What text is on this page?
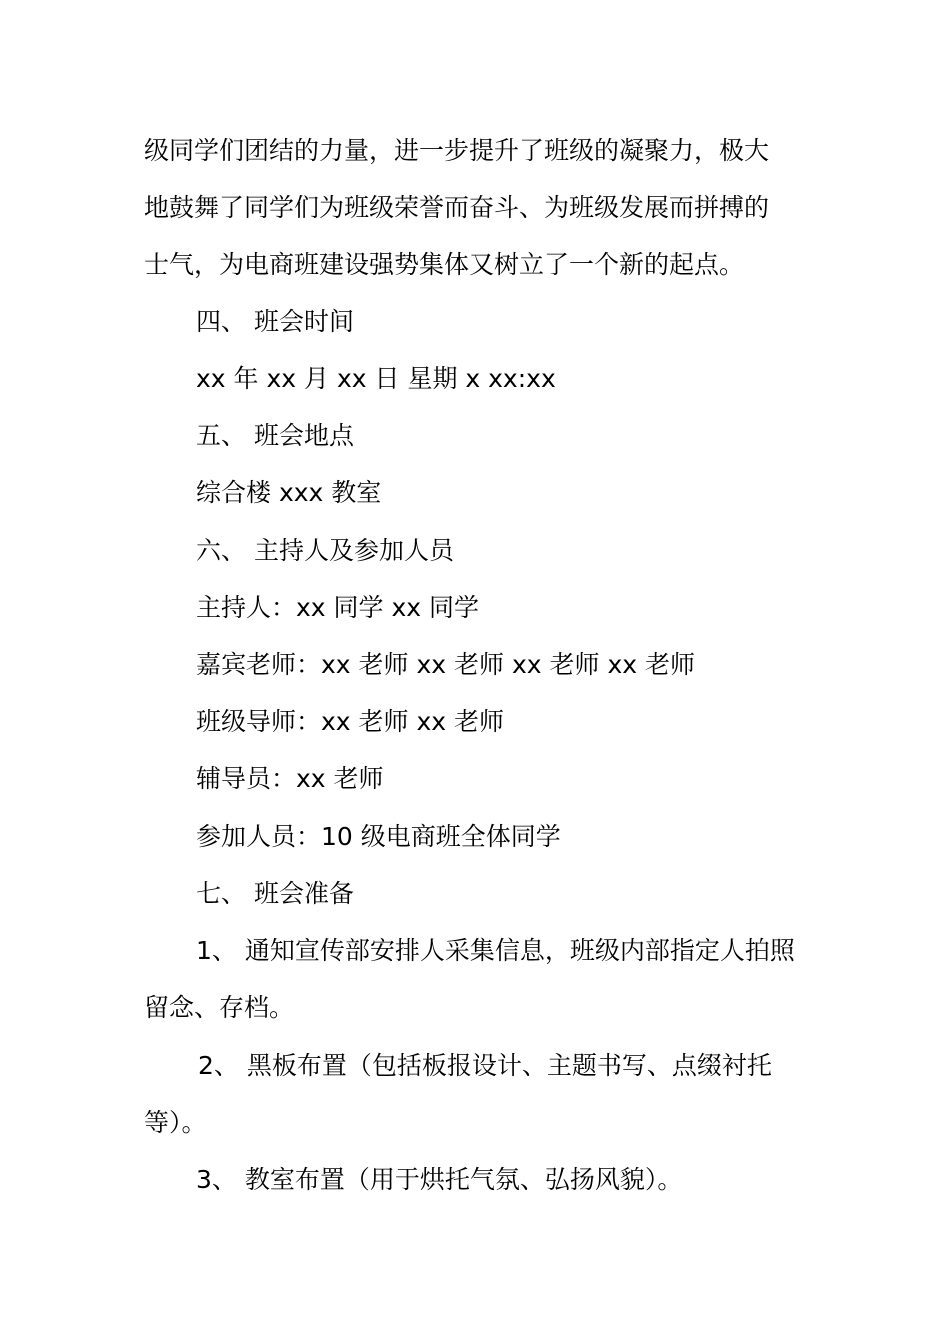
级同学们团结的力量，进一步提升了班级的凝聚力，极大
地鼓舞了同学们为班级荣誉而奋斗、为班级发展而拼搏的
士气，为电商班建设强势集体又树立了一个新的起点。
四、 班会时间
xx 年 xx 月 xx 日 星期 x xx:xx
五、 班会地点
综合楼 xxx 教室
六、 主持人及参加人员
主持人：xx 同学 xx 同学
嘉宾老师：xx 老师 xx 老师 xx 老师 xx 老师
班级导师：xx 老师 xx 老师
辅导员：xx 老师
参加人员：10 级电商班全体同学
七、 班会准备
1、 通知宣传部安排人采集信息，班级内部指定人拍照
留念、存档。
2、 黑板布置（包括板报设计、主题书写、点缀衬托
等）。
3、 教室布置（用于烘托气氛、弘扬风貌）。
